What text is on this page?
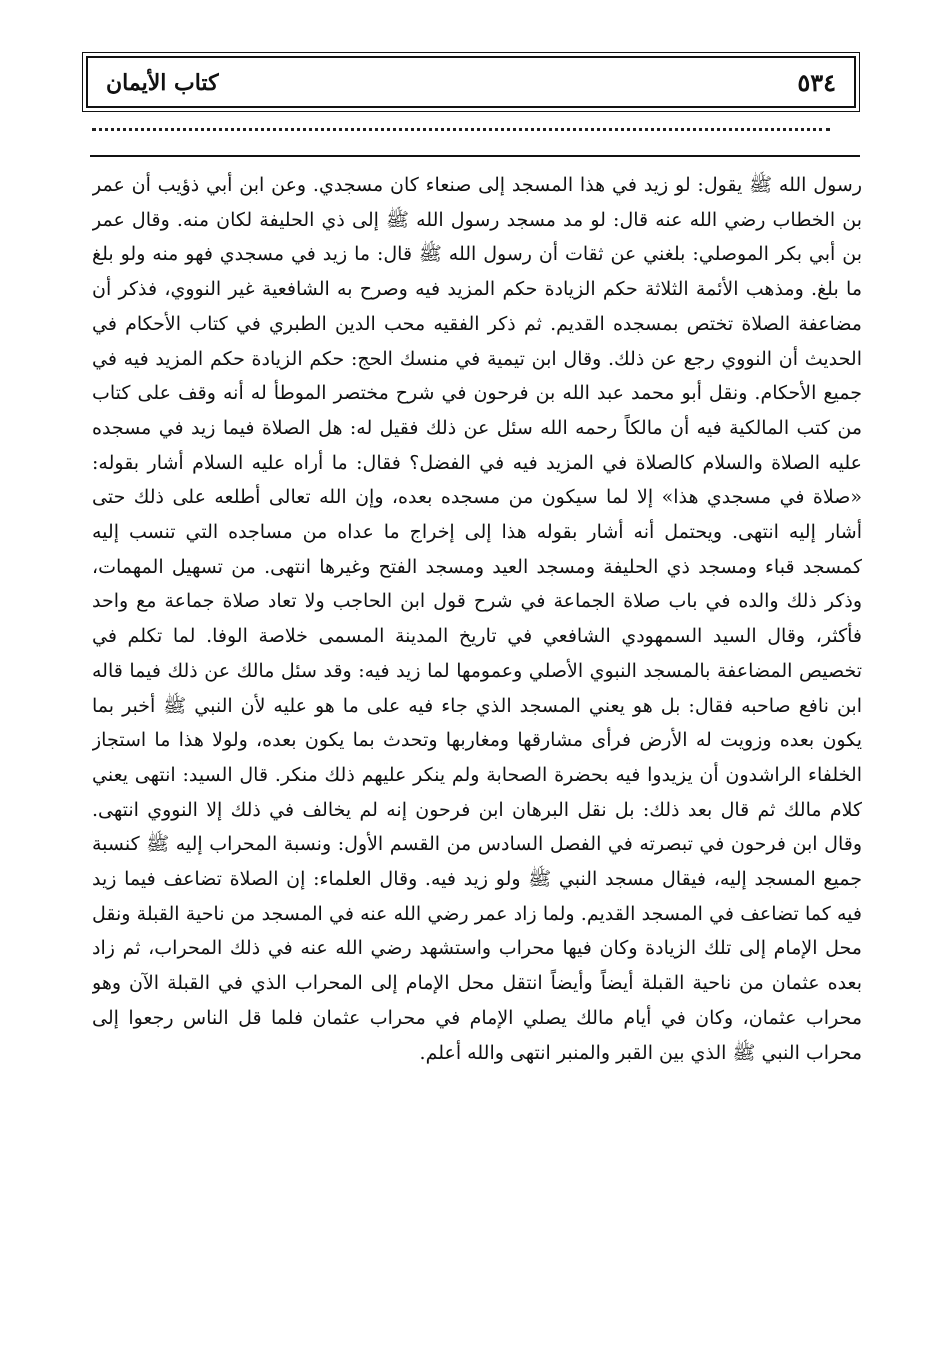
٥٣٤
كتاب الأيمان

رسول الله ﷺ يقول: لو زيد في هذا المسجد إلى صنعاء كان مسجدي. وعن ابن أبي ذؤيب أن عمر بن الخطاب رضي الله عنه قال: لو مد مسجد رسول الله ﷺ إلى ذي الحليفة لكان منه. وقال عمر بن أبي بكر الموصلي: بلغني عن ثقات أن رسول الله ﷺ قال: ما زيد في مسجدي فهو منه ولو بلغ ما بلغ. ومذهب الأئمة الثلاثة حكم الزيادة حكم المزيد فيه وصرح به الشافعية غير النووي، فذكر أن مضاعفة الصلاة تختص بمسجده القديم. ثم ذكر الفقيه محب الدين الطبري في كتاب الأحكام في الحديث أن النووي رجع عن ذلك. وقال ابن تيمية في منسك الحج: حكم الزيادة حكم المزيد فيه في جميع الأحكام. ونقل أبو محمد عبد الله بن فرحون في شرح مختصر الموطأ له أنه وقف على كتاب من كتب المالكية فيه أن مالكاً رحمه الله سئل عن ذلك فقيل له: هل الصلاة فيما زيد في مسجده عليه الصلاة والسلام كالصلاة في المزيد فيه في الفضل؟ فقال: ما أراه عليه السلام أشار بقوله: «صلاة في مسجدي هذا» إلا لما سيكون من مسجده بعده، وإن الله تعالى أطلعه على ذلك حتى أشار إليه انتهى. ويحتمل أنه أشار بقوله هذا إلى إخراج ما عداه من مساجده التي تنسب إليه كمسجد قباء ومسجد ذي الحليفة ومسجد العيد ومسجد الفتح وغيرها انتهى. من تسهيل المهمات، وذكر ذلك والده في باب صلاة الجماعة في شرح قول ابن الحاجب ولا تعاد صلاة جماعة مع واحد فأكثر، وقال السيد السمهودي الشافعي في تاريخ المدينة المسمى خلاصة الوفا. لما تكلم في تخصيص المضاعفة بالمسجد النبوي الأصلي وعمومها لما زيد فيه: وقد سئل مالك عن ذلك فيما قاله ابن نافع صاحبه فقال: بل هو يعني المسجد الذي جاء فيه على ما هو عليه لأن النبي ﷺ أخبر بما يكون بعده وزويت له الأرض فرأى مشارقها ومغاربها وتحدث بما يكون بعده، ولولا هذا ما استجاز الخلفاء الراشدون أن يزيدوا فيه بحضرة الصحابة ولم ينكر عليهم ذلك منكر. قال السيد: انتهى يعني كلام مالك ثم قال بعد ذلك: بل نقل البرهان ابن فرحون إنه لم يخالف في ذلك إلا النووي انتهى. وقال ابن فرحون في تبصرته في الفصل السادس من القسم الأول: ونسبة المحراب إليه ﷺ كنسبة جميع المسجد إليه، فيقال مسجد النبي ﷺ ولو زيد فيه. وقال العلماء: إن الصلاة تضاعف فيما زيد فيه كما تضاعف في المسجد القديم. ولما زاد عمر رضي الله عنه في المسجد من ناحية القبلة ونقل محل الإمام إلى تلك الزيادة وكان فيها محراب واستشهد رضي الله عنه في ذلك المحراب، ثم زاد بعده عثمان من ناحية القبلة أيضاً وأيضاً انتقل محل الإمام إلى المحراب الذي في القبلة الآن وهو محراب عثمان، وكان في أيام مالك يصلي الإمام في محراب عثمان فلما قل الناس رجعوا إلى محراب النبي ﷺ الذي بين القبر والمنبر انتهى والله أعلم.
